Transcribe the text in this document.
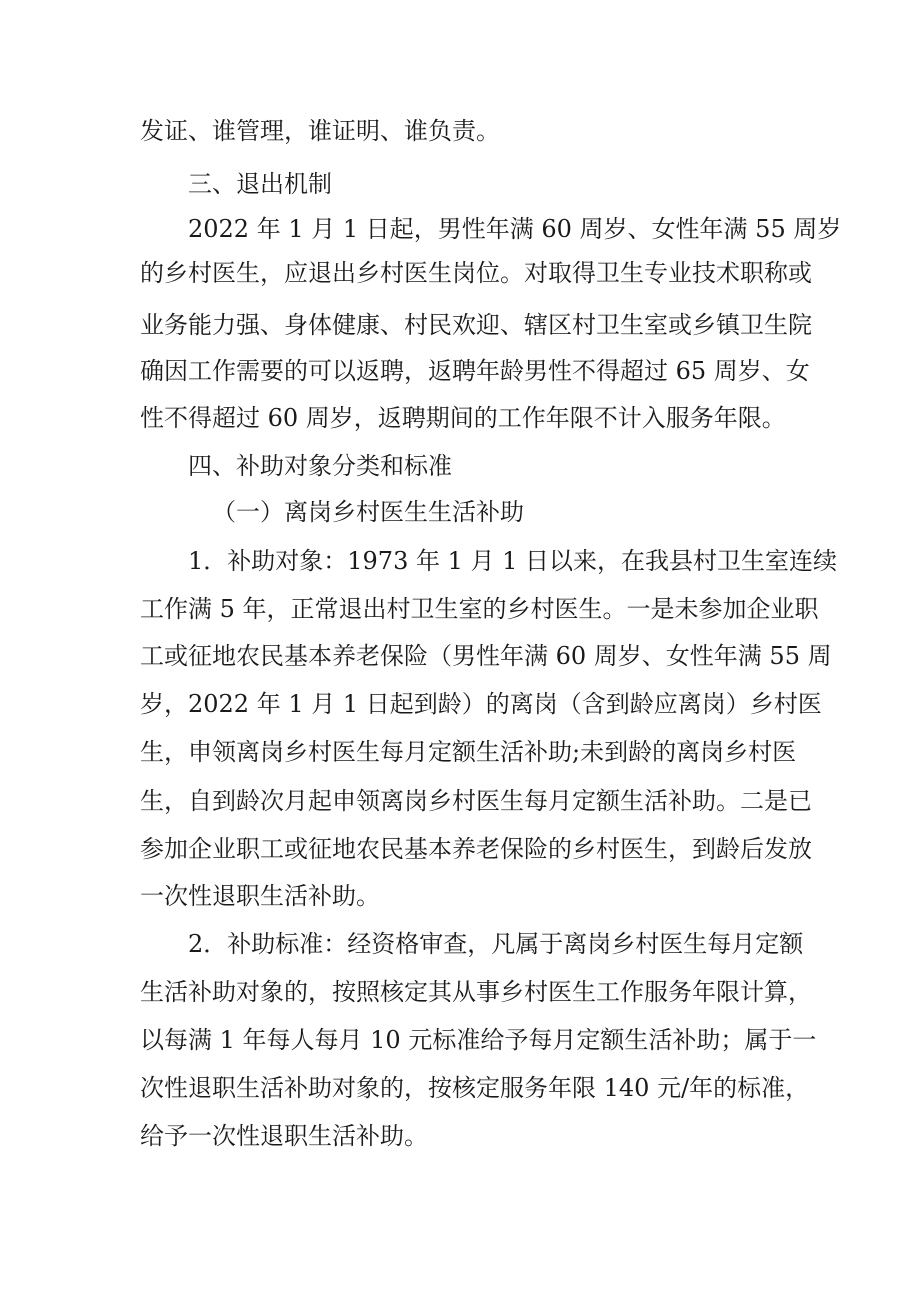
发证、谁管理，谁证明、谁负责。
三、退出机制
2022 年 1 月 1 日起，男性年满 60 周岁、女性年满 55 周岁
的乡村医生，应退出乡村医生岗位。对取得卫生专业技术职称或
业务能力强、身体健康、村民欢迎、辖区村卫生室或乡镇卫生院
确因工作需要的可以返聘，返聘年龄男性不得超过 65 周岁、女
性不得超过 60 周岁，返聘期间的工作年限不计入服务年限。
四、补助对象分类和标准
（一）离岗乡村医生生活补助
1．补助对象：1973 年 1 月 1 日以来，在我县村卫生室连续
工作满 5 年，正常退出村卫生室的乡村医生。一是未参加企业职
工或征地农民基本养老保险（男性年满 60 周岁、女性年满 55 周
岁，2022 年 1 月 1 日起到龄）的离岗（含到龄应离岗）乡村医
生，申领离岗乡村医生每月定额生活补助;未到龄的离岗乡村医
生，自到龄次月起申领离岗乡村医生每月定额生活补助。二是已
参加企业职工或征地农民基本养老保险的乡村医生，到龄后发放
一次性退职生活补助。
2．补助标准：经资格审查，凡属于离岗乡村医生每月定额
生活补助对象的，按照核定其从事乡村医生工作服务年限计算，
以每满 1 年每人每月 10 元标准给予每月定额生活补助；属于一
次性退职生活补助对象的，按核定服务年限 140 元/年的标准，
给予一次性退职生活补助。
